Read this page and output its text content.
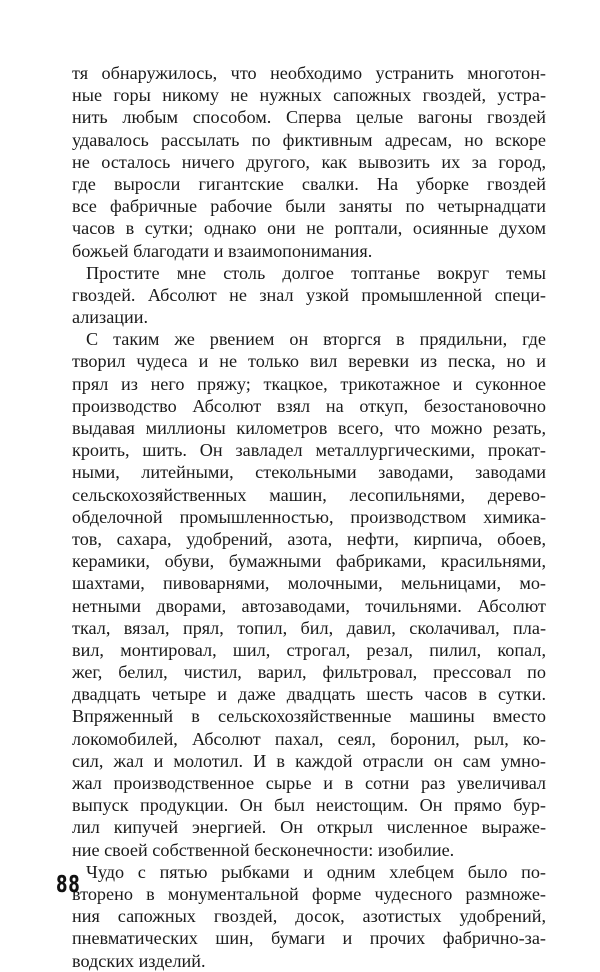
тя обнаружилось, что необходимо устранить многотон-
ные горы никому не нужных сапожных гвоздей, устра-
нить любым способом. Сперва целые вагоны гвоздей
удавалось рассылать по фиктивным адресам, но вскоре
не осталось ничего другого, как вывозить их за город,
где выросли гигантские свалки. На уборке гвоздей
все фабричные рабочие были заняты по четырнадцати
часов в сутки; однако они не роптали, осиянные духом
божьей благодати и взаимопонимания.
Простите мне столь долгое топтанье вокруг темы
гвоздей. Абсолют не знал узкой промышленной специ-
ализации.
С таким же рвением он вторгся в прядильни, где
творил чудеса и не только вил веревки из песка, но и
прял из него пряжу; ткацкое, трикотажное и суконное
производство Абсолют взял на откуп, безостановочно
выдавая миллионы километров всего, что можно резать,
кроить, шить. Он завладел металлургическими, прокат-
ными, литейными, стекольными заводами, заводами
сельскохозяйственных машин, лесопильнями, дерево-
обделочной промышленностью, производством химика-
тов, сахара, удобрений, азота, нефти, кирпича, обоев,
керамики, обуви, бумажными фабриками, красильнями,
шахтами, пивоварнями, молочными, мельницами, мо-
нетными дворами, автозаводами, точильнями. Абсолют
ткал, вязал, прял, топил, бил, давил, сколачивал, пла-
вил, монтировал, шил, строгал, резал, пилил, копал,
жег, белил, чистил, варил, фильтровал, прессовал по
двадцать четыре и даже двадцать шесть часов в сутки.
Впряженный в сельскохозяйственные машины вместо
локомобилей, Абсолют пахал, сеял, боронил, рыл, ко-
сил, жал и молотил. И в каждой отрасли он сам умно-
жал производственное сырье и в сотни раз увеличивал
выпуск продукции. Он был неистощим. Он прямо бур-
лил кипучей энергией. Он открыл численное выраже-
ние своей собственной бесконечности: изобилие.
Чудо с пятью рыбками и одним хлебцем было по-
вторено в монументальной форме чудесного размноже-
ния сапожных гвоздей, досок, азотистых удобрений,
пневматических шин, бумаги и прочих фабрично-за-
водских изделий.
88
